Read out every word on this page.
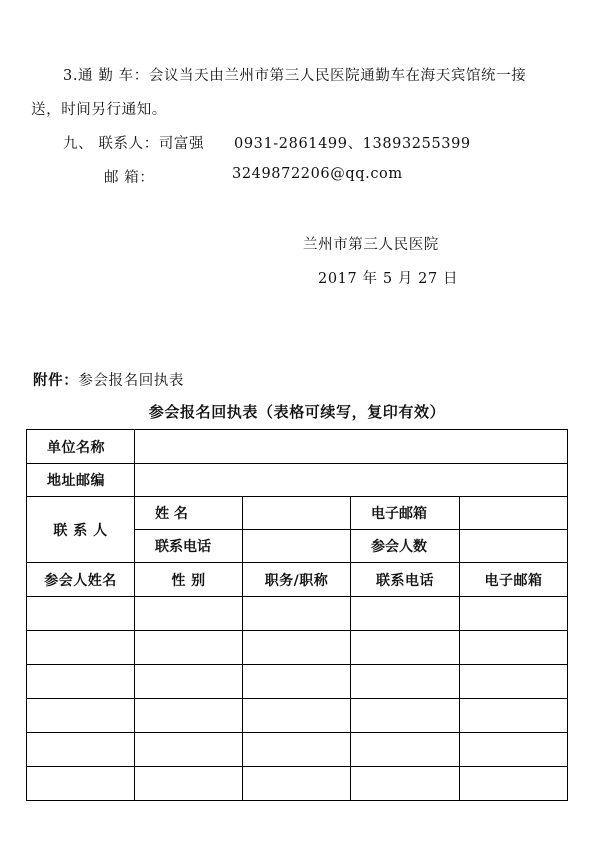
3.通 勤 车：会议当天由兰州市第三人民医院通勤车在海天宾馆统一接
送，时间另行通知。
九、 联系人：司富强 0931-2861499、13893255399
邮 箱：	3249872206@qq.com
兰州市第三人民医院
2017 年 5 月 27 日
附件：参会报名回执表
参会报名回执表（表格可续写，复印有效）
单位名称				
地址邮编				
联 系 人	姓 名		电子邮箱	
	联系电话		参会人数	
参会人姓名	性 别	职务/职称	联系电话	电子邮箱
